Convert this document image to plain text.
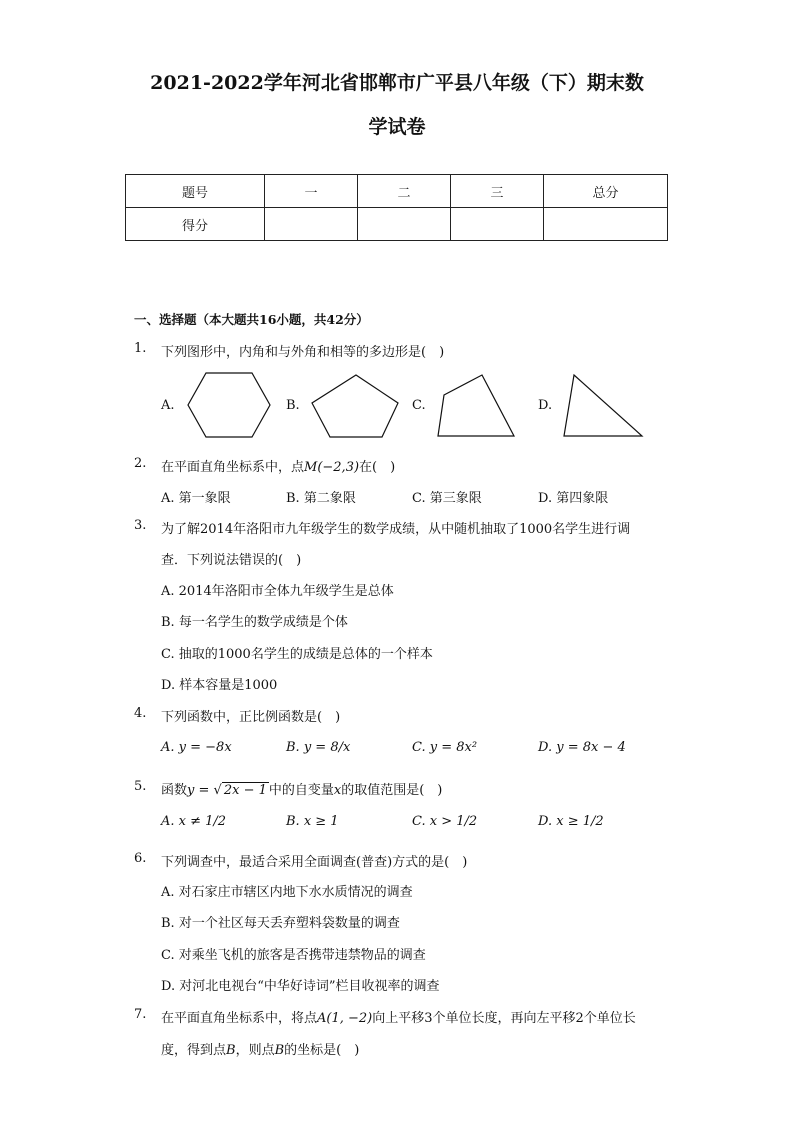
2021-2022学年河北省邯郸市广平县八年级（下）期末数
学试卷
题号	一	二	三	总分
得分				
一、选择题（本大题共16小题，共42分）
1. 下列图形中，内角和与外角和相等的多边形是(　)
A.	B.	C.	D.
2. 在平面直角坐标系中，点M(−2,3)在(　)
A. 第一象限	B. 第二象限	C. 第三象限	D. 第四象限
3. 为了解2014年洛阳市九年级学生的数学成绩，从中随机抽取了1000名学生进行调
查．下列说法错误的(　)
A. 2014年洛阳市全体九年级学生是总体
B. 每一名学生的数学成绩是个体
C. 抽取的1000名学生的成绩是总体的一个样本
D. 样本容量是1000
4. 下列函数中，正比例函数是(　)
A. y = −8x	B. y = 8/x	C. y = 8x²	D. y = 8x − 4
5. 函数y = √ 2x − 1 中的自变量x的取值范围是(　)
A. x ≠ 1/2	B. x ≥ 1	C. x > 1/2	D. x ≥ 1/2
6. 下列调查中，最适合采用全面调查(普查)方式的是(　)
A. 对石家庄市辖区内地下水水质情况的调查
B. 对一个社区每天丢弃塑料袋数量的调查
C. 对乘坐飞机的旅客是否携带违禁物品的调查
D. 对河北电视台“中华好诗词”栏目收视率的调查
7. 在平面直角坐标系中，将点A(1, −2)向上平移3个单位长度，再向左平移2个单位长
度，得到点B，则点B的坐标是(　)
